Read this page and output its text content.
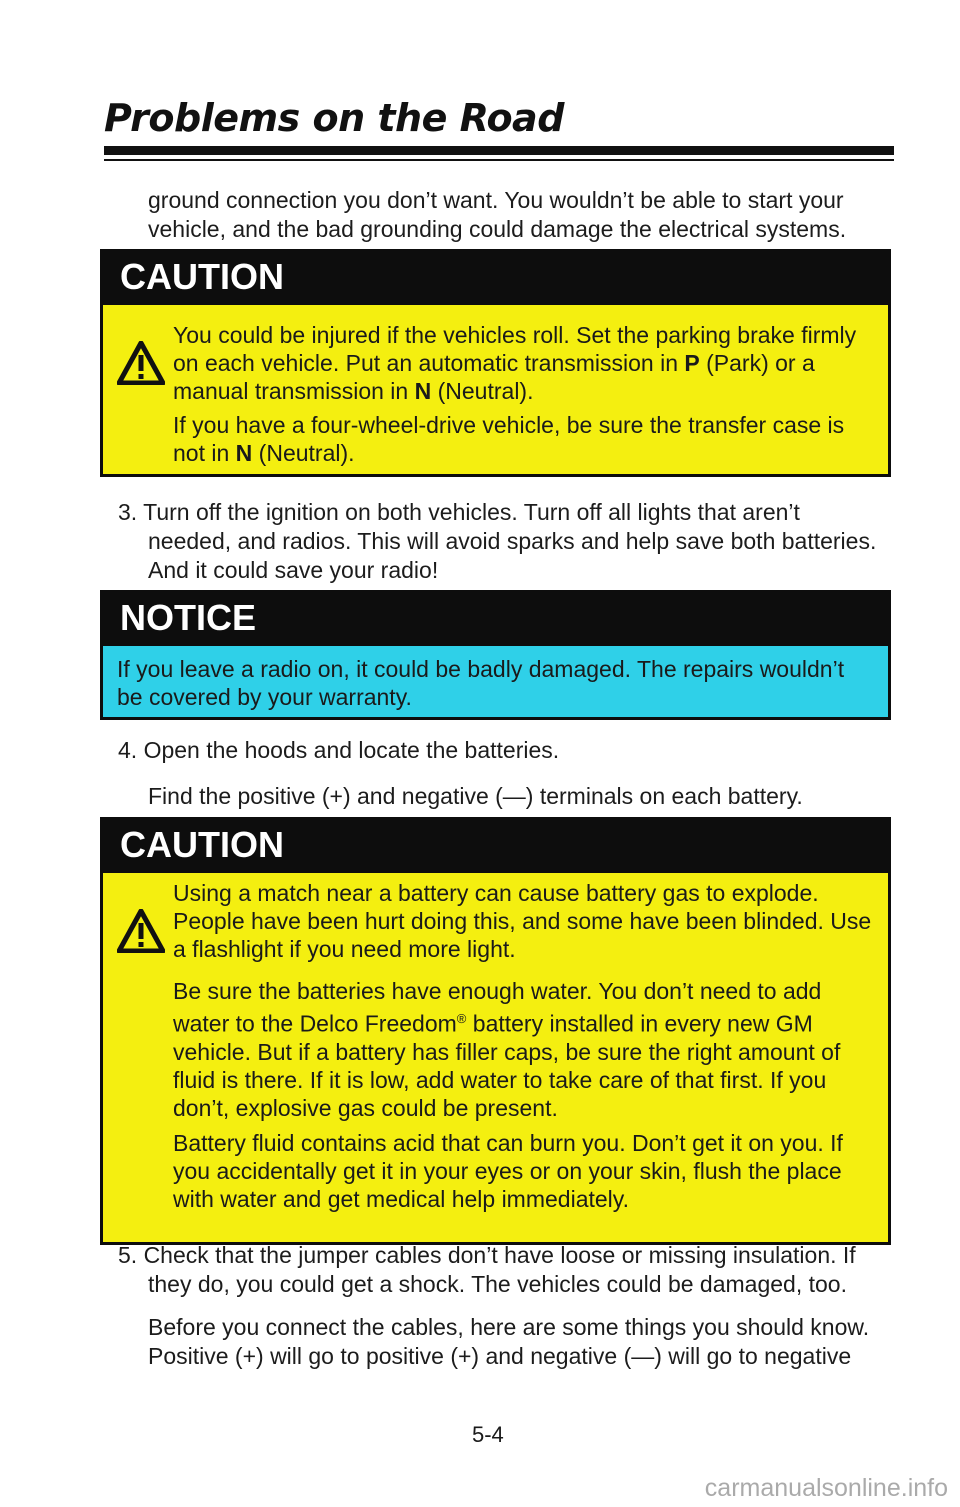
Problems on the Road
ground connection you don’t want. You wouldn’t be able to start your
vehicle, and the bad grounding could damage the electrical systems.
CAUTION
You could be injured if the vehicles roll. Set the parking brake firmly
on each vehicle. Put an automatic transmission in P (Park) or a
manual transmission in N (Neutral).
If you have a four-wheel-drive vehicle, be sure the transfer case is
not in N (Neutral).
3. Turn off the ignition on both vehicles. Turn off all lights that aren’t
needed, and radios. This will avoid sparks and help save both batteries.
And it could save your radio!
NOTICE
If you leave a radio on, it could be badly damaged. The repairs wouldn’t
be covered by your warranty.
4. Open the hoods and locate the batteries.
Find the positive (+) and negative (—) terminals on each battery.
CAUTION
Using a match near a battery can cause battery gas to explode.
People have been hurt doing this, and some have been blinded. Use
a flashlight if you need more light.
Be sure the batteries have enough water. You don’t need to add
water to the Delco Freedom® battery installed in every new GM
vehicle. But if a battery has filler caps, be sure the right amount of
fluid is there. If it is low, add water to take care of that first. If you
don’t, explosive gas could be present.
Battery fluid contains acid that can burn you. Don’t get it on you. If
you accidentally get it in your eyes or on your skin, flush the place
with water and get medical help immediately.
5. Check that the jumper cables don’t have loose or missing insulation. If
they do, you could get a shock. The vehicles could be damaged, too.
Before you connect the cables, here are some things you should know.
Positive (+) will go to positive (+) and negative (—) will go to negative
5-4
carmanualsonline.info
